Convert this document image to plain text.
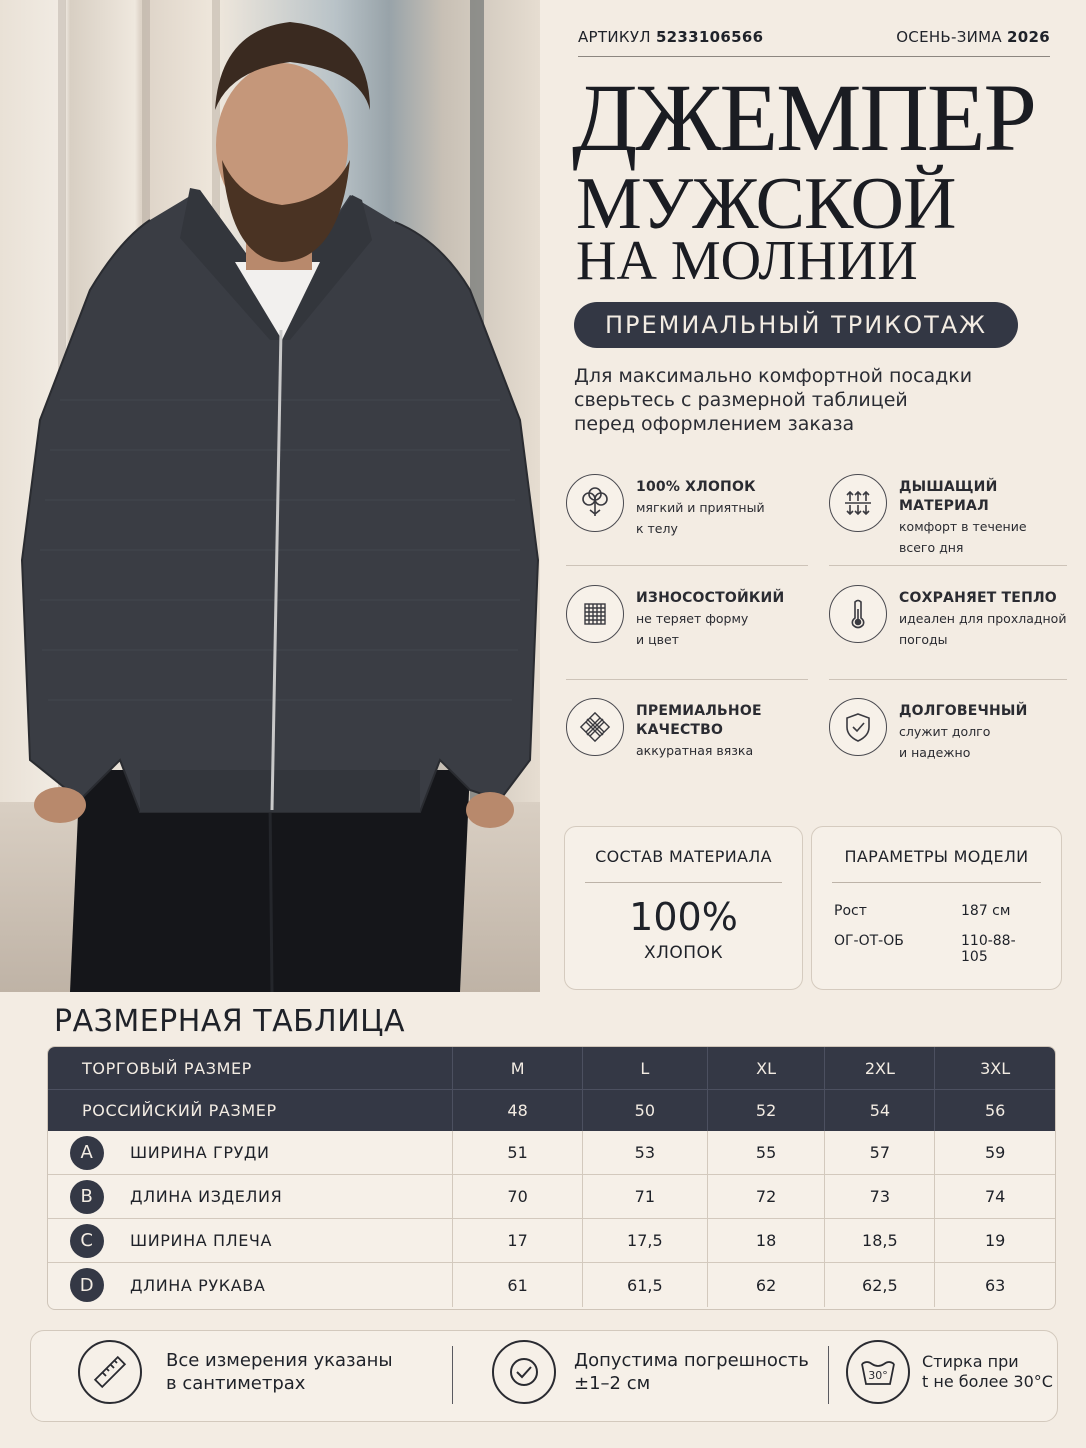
АРТИКУЛ 5233106566	ОСЕНЬ-ЗИМА 2026
ДЖЕМПЕР
МУЖСКОЙ
НА МОЛНИИ
ПРЕМИАЛЬНЫЙ ТРИКОТАЖ
Для максимально комфортной посадки
сверьтесь с размерной таблицей
перед оформлением заказа
100% ХЛОПОК
мягкий и приятный
к телу
ДЫШАЩИЙ
МАТЕРИАЛ
комфорт в течение
всего дня
ИЗНОСОСТОЙКИЙ
не теряет форму
и цвет
СОХРАНЯЕТ ТЕПЛО
идеален для прохладной
погоды
ПРЕМИАЛЬНОЕ
КАЧЕСТВО
аккуратная вязка
ДОЛГОВЕЧНЫЙ
служит долго
и надежно
СОСТАВ МАТЕРИАЛА
100%
ХЛОПОК
ПАРАМЕТРЫ МОДЕЛИ
Рост	187 см
ОГ-ОТ-ОБ	110-88-105
РАЗМЕРНАЯ ТАБЛИЦА
ТОРГОВЫЙ РАЗМЕР	M	L	XL	2XL	3XL
РОССИЙСКИЙ РАЗМЕР	48	50	52	54	56
A	ШИРИНА ГРУДИ	51	53	55	57	59
B	ДЛИНА ИЗДЕЛИЯ	70	71	72	73	74
C	ШИРИНА ПЛЕЧА	17	17,5	18	18,5	19
D	ДЛИНА РУКАВА	61	61,5	62	62,5	63
Все измерения указаны
в сантиметрах
Допустима погрешность
±1–2 см	30°
Стирка при
t не более 30°C
